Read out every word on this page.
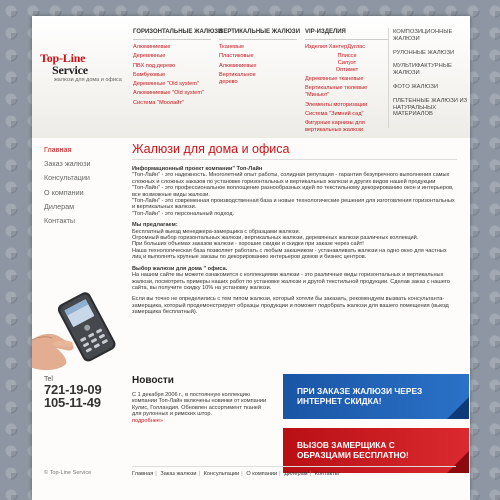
Top-Line
Service
жалюзи для дома и офиса
ГОРИЗОНТАЛЬНЫЕ ЖАЛЮЗИ
Алюминиевые
Деревянные
ПВХ под дерево
Бамбуковые
Деревянные "Old system"
Алюминиевые "Old system"
Система "Моолайт"
ВЕРТИКАЛЬНЫЕ ЖАЛЮЗИ
Тканевые
Пластиковые
Алюминиевые
Вертикальное дерево
VIP-ИЗДЕЛИЯ
Изделия ХантерДуглас
Плиссе
Силуэт
Оптимет
Деревянные тканевые
Вертикальные тюлевые "Миньют"
Элементы моторизации
Система "Зимний сад"
Фигурные карнизы для вертикальных жалюзи
КОМПОЗИЦИОННЫЕ ЖАЛЮЗИ
РУЛОННЫЕ ЖАЛЮЗИ
МУЛЬТИФАКТУРНЫЕ ЖАЛЮЗИ
ФОТО ЖАЛЮЗИ
ПЛЕТЕННЫЕ ЖАЛЮЗИ ИЗ НАТУРАЛЬНЫХ МАТЕРИАЛОВ
Главная
Заказ жалюзи
Консультации
О компании
Дилерам
Контакты
Tel
721-19-09
105-11-49
© Top-Line Service
Жалюзи для дома и офиса
Информационный проект компании" Топ-Лайн

"Топ-Лайн" - это надежность. Многолетний опыт работы, солидная репутация - гарантия безупречного выполнения самых сложных и сложных заказов по установке горизонтальных и вертикальных жалюзи и других видов нашей продукции
"Топ-Лайн" - это профессиональное воплощение разнообразных идей по текстильному декорированию окон и интерьеров, все возможные виды жалюзи.
"Топ-Лайн" - это современная производственная база и новые технологические решения для изготовления горизонтальных и вертикальных жалюзи.
"Топ-Лайн" - это персональный подход.

Мы предлагаем:

Бесплатный выезд менеджера-замерщика с образцами жалюзи.
Огромный выбор горизонтальных жалюзи, вертикальных жалюзи, деревянных жалюзи различных коллекций.
При больших объемах заказов жалюзи - хорошие скидки и скидки при заказе через сайт!
Наша технологическая база позволяет работать с любым заказчиком - устанавливать жалюзи на одно окно для частных лиц и выполнять крупные заказы по декорированию интерьеров домов и бизнес центров.

Выбор жалюзи для дома " офиса.

На нашем сайте вы можете ознакомится с коллекциями жалюзи - это различные виды горизонтальных и вертикальных жалюзи, посмотреть примеры наших работ по установке жалюзи и другой текстильной продукции. Сделав заказ с нашего сайта, вы получите скидку 10% на установку жалюзи.

Если вы точно не определились с тем типом жалюзи, который хотели бы заказать, рекомендуем вызвать консультанта-замерщика, который продемонстрирует образцы продукции и поможет подобрать жалюзи для вашего помещения (выезд замерщика бесплатный).

Новости
С 1 декабря 2006 г., в постоянную коллекцию компании Топ-Лайн включены новинки от компании Кулис, Голландия. Обновлен ассортимент тканей для рулонных и римских штор.
подробнее»
ПРИ ЗАКАЗЕ ЖАЛЮЗИ ЧЕРЕЗ ИНТЕРНЕТ СКИДКА!
ВЫЗОВ ЗАМЕРЩИКА С ОБРАЗЦАМИ БЕСПЛАТНО!
Главная | Заказ жалюзи | Консультации | О компании | Дилерам | Контакты
